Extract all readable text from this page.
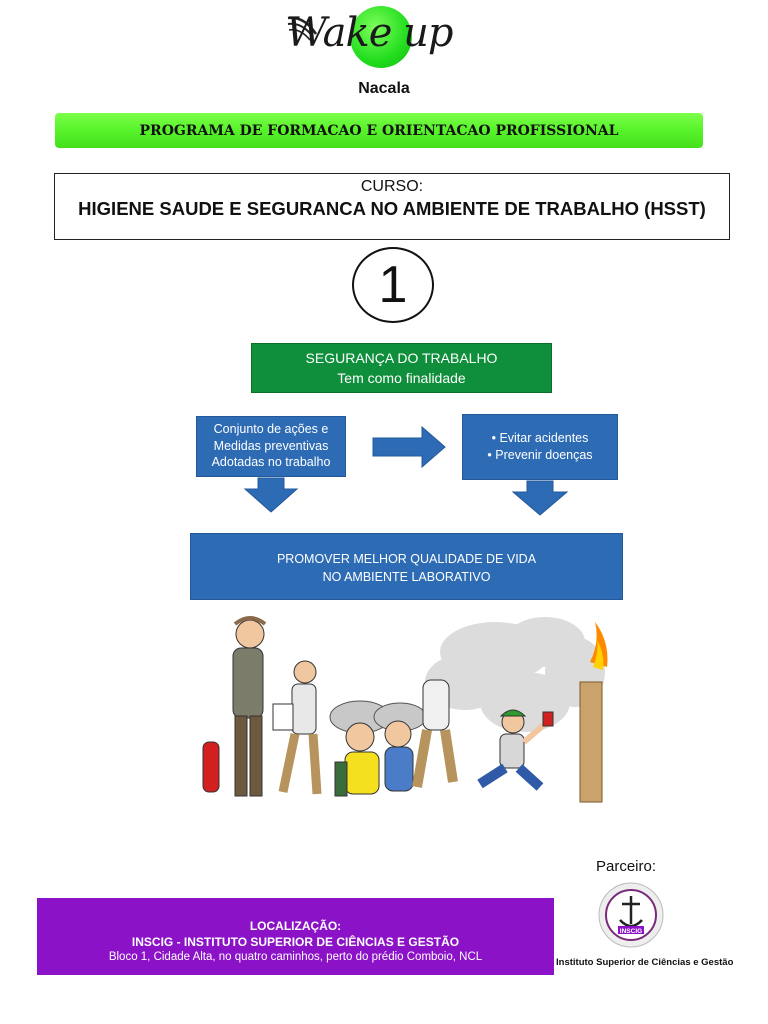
Wake up
Nacala
PROGRAMA DE FORMACAO E ORIENTACAO PROFISSIONAL
CURSO:
HIGIENE SAUDE E SEGURANCA NO AMBIENTE DE TRABALHO (HSST)
1
SEGURANÇA DO TRABALHO
Tem como finalidade
Conjunto de ações e
Medidas preventivas
Adotadas no trabalho
• Evitar acidentes
• Prevenir doenças
PROMOVER MELHOR QUALIDADE DE VIDA
NO AMBIENTE LABORATIVO
LOCALIZAÇÃO:
INSCIG - INSTITUTO SUPERIOR DE CIÊNCIAS E GESTÃO
Bloco 1, Cidade Alta, no quatro caminhos, perto do prédio Comboio, NCL
Parceiro:
INSCIG
Instituto Superior de Ciências e Gestão
